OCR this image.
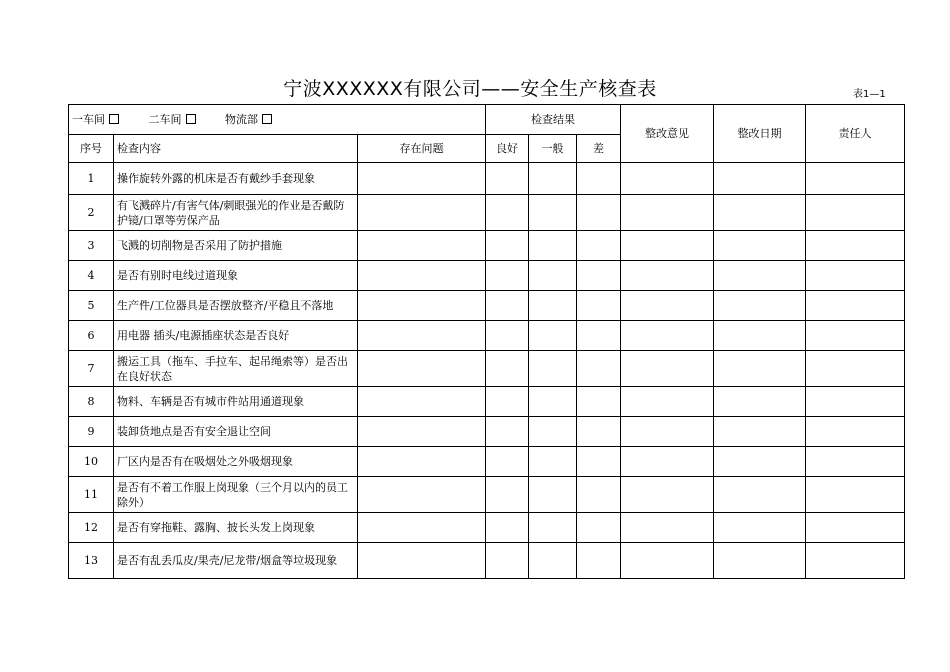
宁波XXXXXX有限公司——安全生产核查表	表1—1
一车间 二车间 物流部			检查结果			整改意见	整改日期	责任人
序号	检查内容	存在问题	良好	一般	差			
1	操作旋转外露的机床是否有戴纱手套现象							
2	有飞溅碎片/有害气体/刺眼强光的作业是否戴防护镜/口罩等劳保产品							
3	飞溅的切削物是否采用了防护措施							
4	是否有别时电线过道现象							
5	生产件/工位器具是否摆放整齐/平稳且不落地							
6	用电器 插头/电源插座状态是否良好							
7	搬运工具（拖车、手拉车、起吊绳索等）是否出在良好状态							
8	物料、车辆是否有城市件站用通道现象							
9	装卸货地点是否有安全退让空间							
10	厂区内是否有在吸烟处之外吸烟现象							
11	是否有不着工作服上岗现象（三个月以内的员工除外）							
12	是否有穿拖鞋、露胸、披长头发上岗现象							
13	是否有乱丢瓜皮/果壳/尼龙带/烟盒等垃圾现象							
